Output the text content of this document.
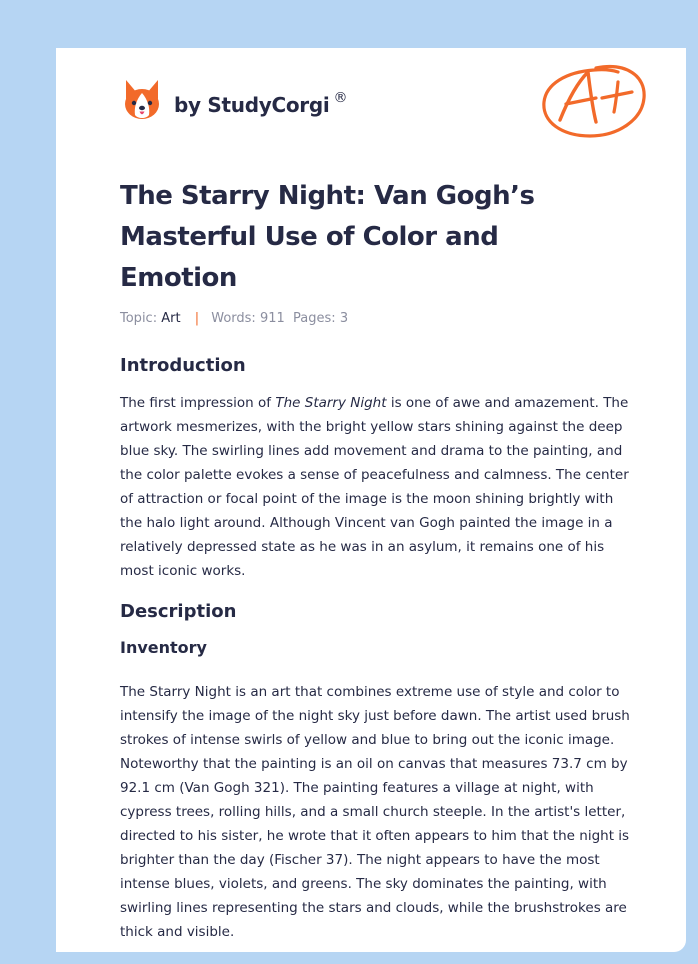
by StudyCorgi ®
The Starry Night: Van Gogh’s Masterful Use of Color and Emotion
Topic: Art | Words: 911 Pages: 3
Introduction

The first impression of The Starry Night is one of awe and amazement. The artwork mesmerizes, with the bright yellow stars shining against the deep blue sky. The swirling lines add movement and drama to the painting, and the color palette evokes a sense of peacefulness and calmness. The center of attraction or focal point of the image is the moon shining brightly with the halo light around. Although Vincent van Gogh painted the image in a relatively depressed state as he was in an asylum, it remains one of his most iconic works.

Description
Inventory

The Starry Night is an art that combines extreme use of style and color to intensify the image of the night sky just before dawn. The artist used brush strokes of intense swirls of yellow and blue to bring out the iconic image. Noteworthy that the painting is an oil on canvas that measures 73.7 cm by 92.1 cm (Van Gogh 321). The painting features a village at night, with cypress trees, rolling hills, and a small church steeple. In the artist's letter, directed to his sister, he wrote that it often appears to him that the night is brighter than the day (Fischer 37). The night appears to have the most intense blues, violets, and greens. The sky dominates the painting, with swirling lines representing the stars and clouds, while the brushstrokes are thick and visible.
